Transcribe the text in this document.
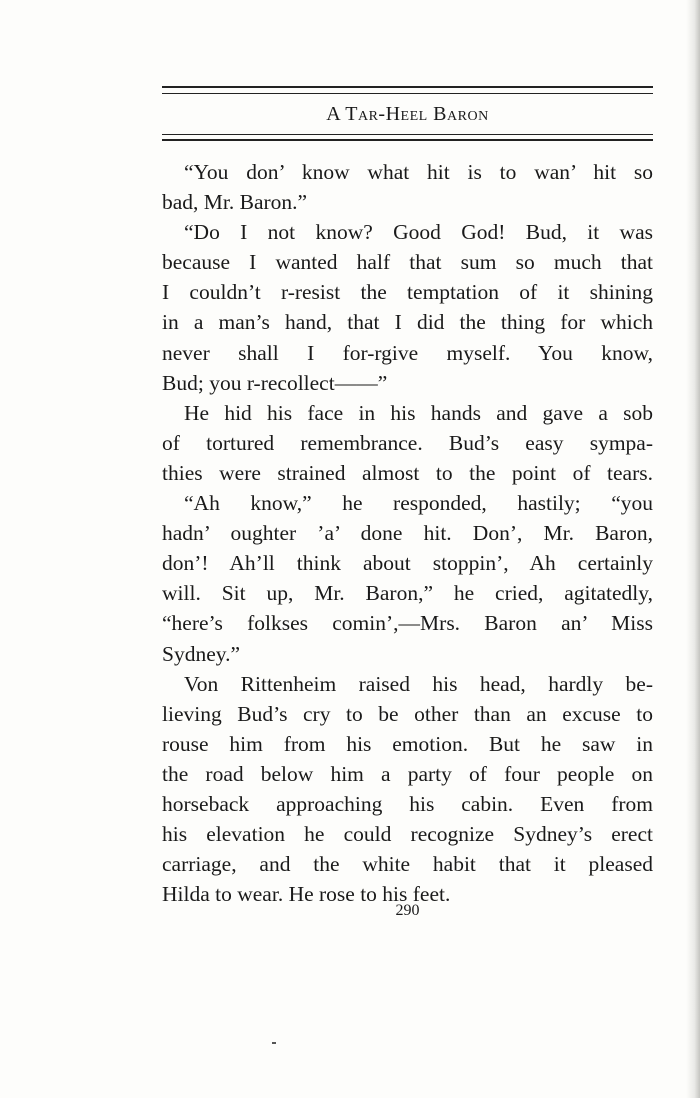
A Tar-Heel Baron
“You don’ know what hit is to wan’ hit so
bad, Mr. Baron.”
“Do I not know? Good God! Bud, it was
because I wanted half that sum so much that
I couldn’t r-resist the temptation of it shining
in a man’s hand, that I did the thing for which
never shall I for-rgive myself. You know,
Bud; you r-recollect——”
He hid his face in his hands and gave a sob
of tortured remembrance. Bud’s easy sympa-
thies were strained almost to the point of tears.
“Ah know,” he responded, hastily; “you
hadn’ oughter ’a’ done hit. Don’, Mr. Baron,
don’! Ah’ll think about stoppin’, Ah certainly
will. Sit up, Mr. Baron,” he cried, agitatedly,
“here’s folkses comin’,—Mrs. Baron an’ Miss
Sydney.”
Von Rittenheim raised his head, hardly be-
lieving Bud’s cry to be other than an excuse to
rouse him from his emotion. But he saw in
the road below him a party of four people on
horseback approaching his cabin. Even from
his elevation he could recognize Sydney’s erect
carriage, and the white habit that it pleased
Hilda to wear. He rose to his feet.
290
